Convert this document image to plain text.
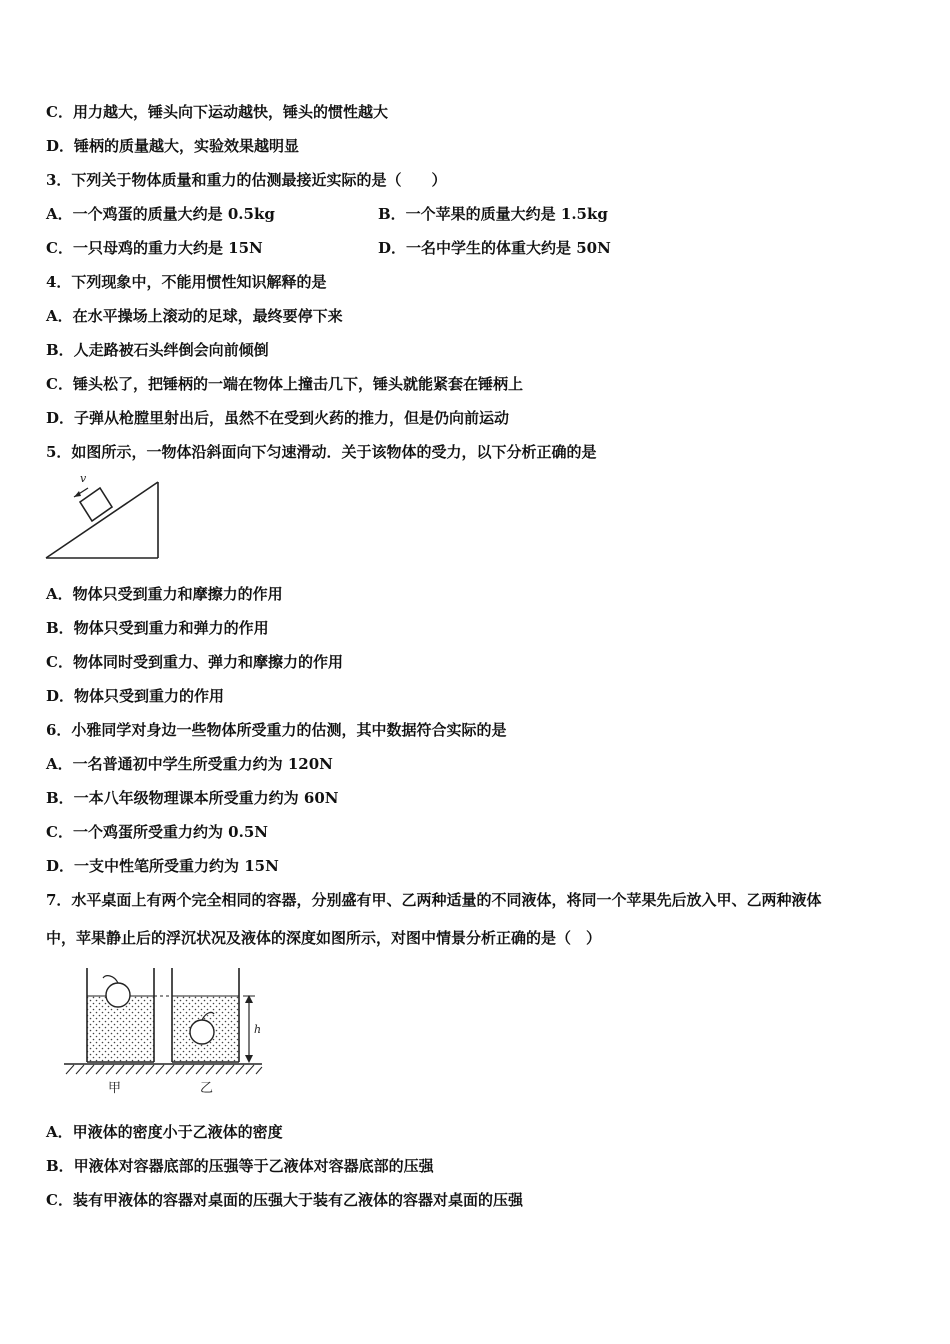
C．用力越大，锤头向下运动越快，锤头的惯性越大
D．锤柄的质量越大，实验效果越明显
3．下列关于物体质量和重力的估测最接近实际的是（　　）
A．一个鸡蛋的质量大约是 0.5kg	B．一个苹果的质量大约是 1.5kg
C．一只母鸡的重力大约是 15N	D．一名中学生的体重大约是 50N
4．下列现象中，不能用惯性知识解释的是
A．在水平操场上滚动的足球，最终要停下来
B．人走路被石头绊倒会向前倾倒
C．锤头松了，把锤柄的一端在物体上撞击几下，锤头就能紧套在锤柄上
D．子弹从枪膛里射出后，虽然不在受到火药的推力，但是仍向前运动
5．如图所示，一物体沿斜面向下匀速滑动．关于该物体的受力，以下分析正确的是
v
A．物体只受到重力和摩擦力的作用
B．物体只受到重力和弹力的作用
C．物体同时受到重力、弹力和摩擦力的作用
D．物体只受到重力的作用
6．小雅同学对身边一些物体所受重力的估测，其中数据符合实际的是
A．一名普通初中学生所受重力约为 120N
B．一本八年级物理课本所受重力约为 60N
C．一个鸡蛋所受重力约为 0.5N
D．一支中性笔所受重力约为 15N
7．水平桌面上有两个完全相同的容器，分别盛有甲、乙两种适量的不同液体，将同一个苹果先后放入甲、乙两种液体
中，苹果静止后的浮沉状况及液体的深度如图所示，对图中情景分析正确的是（　）
h
甲	乙
A．甲液体的密度小于乙液体的密度
B．甲液体对容器底部的压强等于乙液体对容器底部的压强
C．装有甲液体的容器对桌面的压强大于装有乙液体的容器对桌面的压强
